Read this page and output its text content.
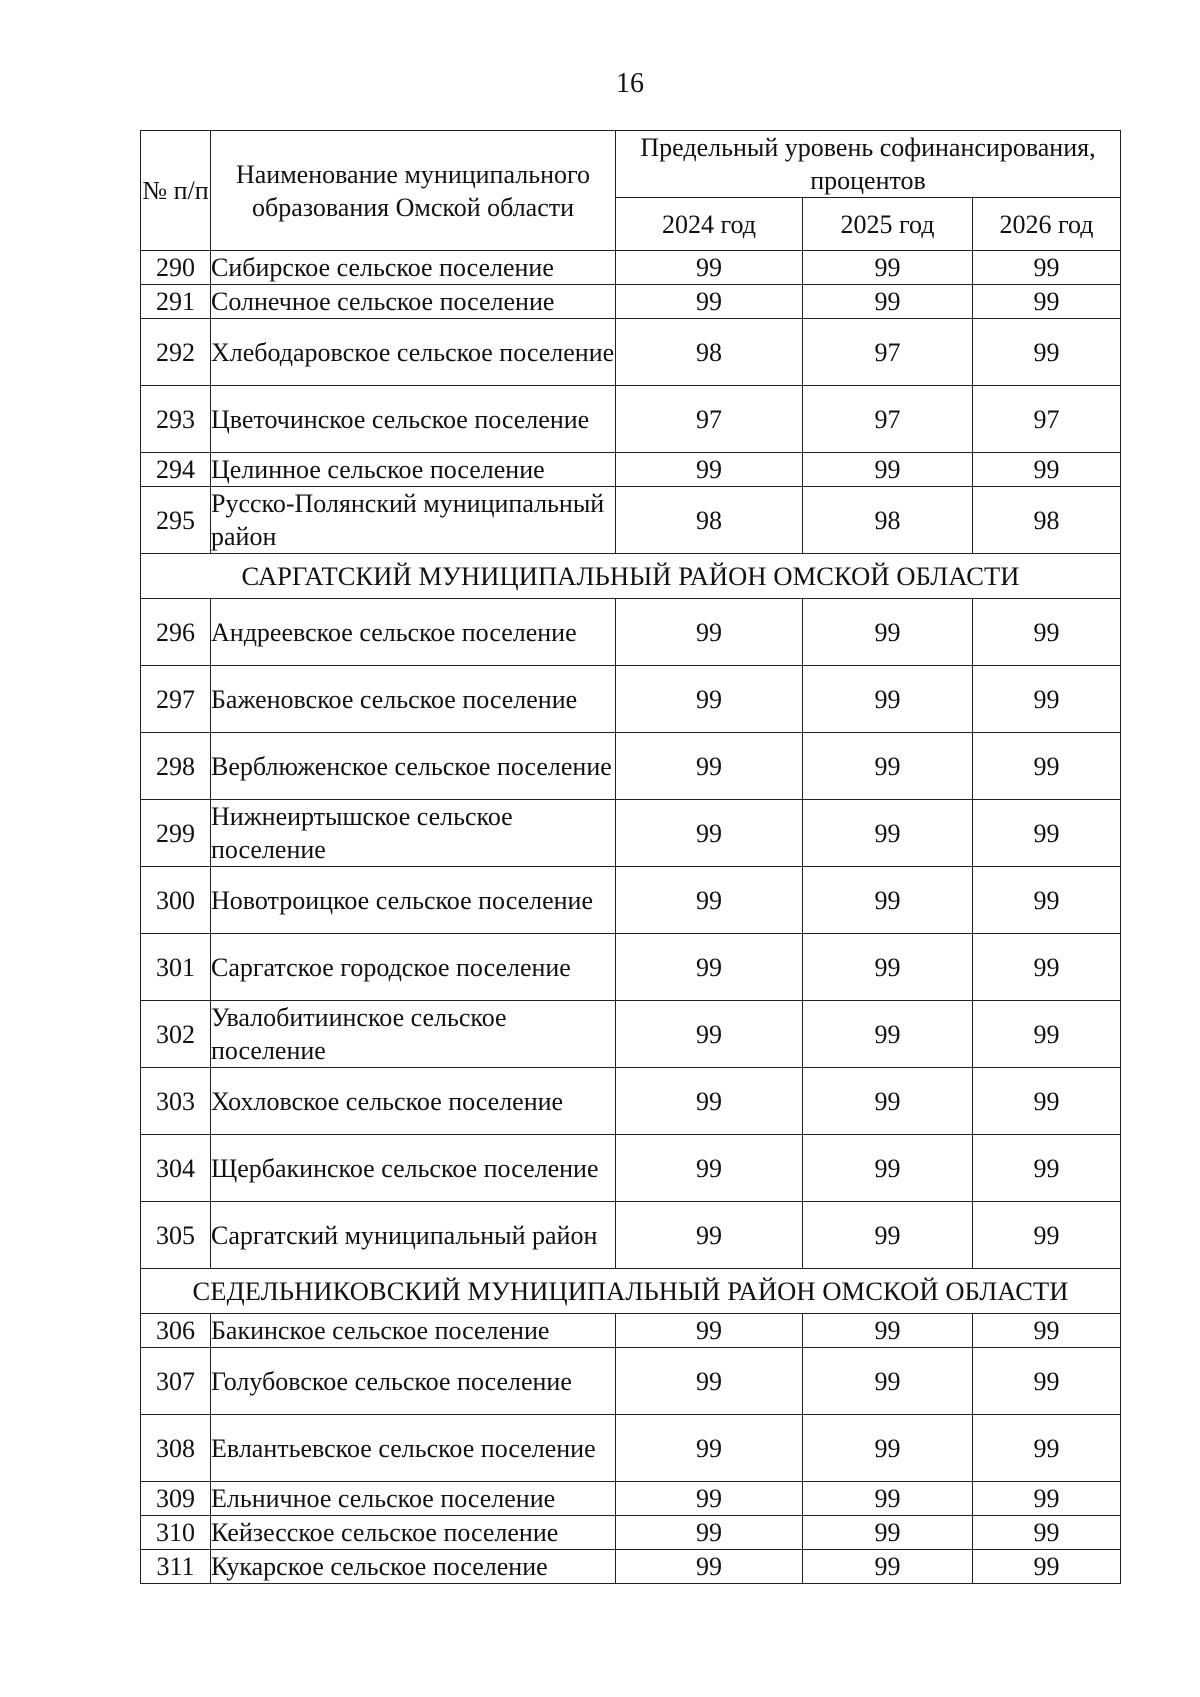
16
№ п/п	Наименование муниципального образования Омской области	Предельный уровень софинансирования, процентов		
		2024 год	2025 год	2026 год
290	Сибирское сельское поселение	99	99	99
291	Солнечное сельское поселение	99	99	99
292	Хлебодаровское сельское поселение	98	97	99
293	Цветочинское сельское поселение	97	97	97
294	Целинное сельское поселение	99	99	99
295	Русско-Полянский муниципальный район	98	98	98
САРГАТСКИЙ МУНИЦИПАЛЬНЫЙ РАЙОН ОМСКОЙ ОБЛАСТИ				
296	Андреевское сельское поселение	99	99	99
297	Баженовское сельское поселение	99	99	99
298	Верблюженское сельское поселение	99	99	99
299	Нижнеиртышское сельское поселение	99	99	99
300	Новотроицкое сельское поселение	99	99	99
301	Саргатское городское поселение	99	99	99
302	Увалобитиинское сельское поселение	99	99	99
303	Хохловское сельское поселение	99	99	99
304	Щербакинское сельское поселение	99	99	99
305	Саргатский муниципальный район	99	99	99
СЕДЕЛЬНИКОВСКИЙ МУНИЦИПАЛЬНЫЙ РАЙОН ОМСКОЙ ОБЛАСТИ				
306	Бакинское сельское поселение	99	99	99
307	Голубовское сельское поселение	99	99	99
308	Евлантьевское сельское поселение	99	99	99
309	Ельничное сельское поселение	99	99	99
310	Кейзесское сельское поселение	99	99	99
311	Кукарское сельское поселение	99	99	99
